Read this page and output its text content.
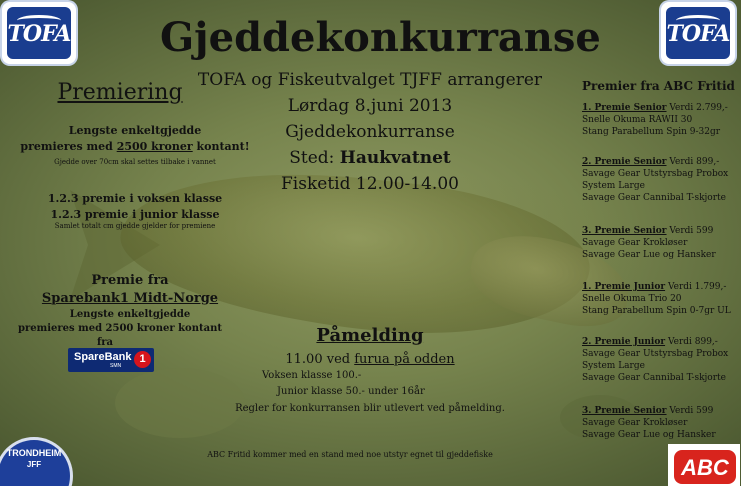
TOFA	TOFA
Gjeddekonkurranse
TOFA og Fiskeutvalget TJFF arrangerer
Lørdag 8.juni 2013
Gjeddekonkurranse
Sted: Haukvatnet
Fisketid 12.00-14.00
Premiering
Lengste enkeltgjedde
premieres med 2500 kroner kontant!
Gjedde over 70cm skal settes tilbake i vannet
1.2.3 premie i voksen klasse
1.2.3 premie i junior klasse
Samlet totalt cm gjedde gjelder for premiene
Premie fra
Sparebank1 Midt-Norge
Lengste enkeltgjedde
premieres med 2500 kroner kontant
fra
SpareBank
SMN
1
Påmelding
11.00 ved furua på odden
Voksen klasse 100.-
Junior klasse 50.- under 16år
Regler for konkurransen blir utlevert ved påmelding.
ABC Fritid kommer med en stand med noe utstyr egnet til gjeddefiske
Premier fra ABC Fritid
1. Premie Senior Verdi 2.799,-
Snelle Okuma RAWII 30
Stang Parabellum Spin 9-32gr
2. Premie Senior Verdi 899,-
Savage Gear Utstyrsbag Probox
System Large
Savage Gear Cannibal T-skjorte
3. Premie Senior Verdi 599
Savage Gear Krokløser
Savage Gear Lue og Hansker
1. Premie Junior Verdi 1.799,-
Snelle Okuma Trio 20
Stang Parabellum Spin 0-7gr UL
2. Premie Junior Verdi 899,-
Savage Gear Utstyrsbag Probox
System Large
Savage Gear Cannibal T-skjorte
3. Premie Senior Verdi 599
Savage Gear Krokløser
Savage Gear Lue og Hansker
TRONDHEIM
JFF	ABC
